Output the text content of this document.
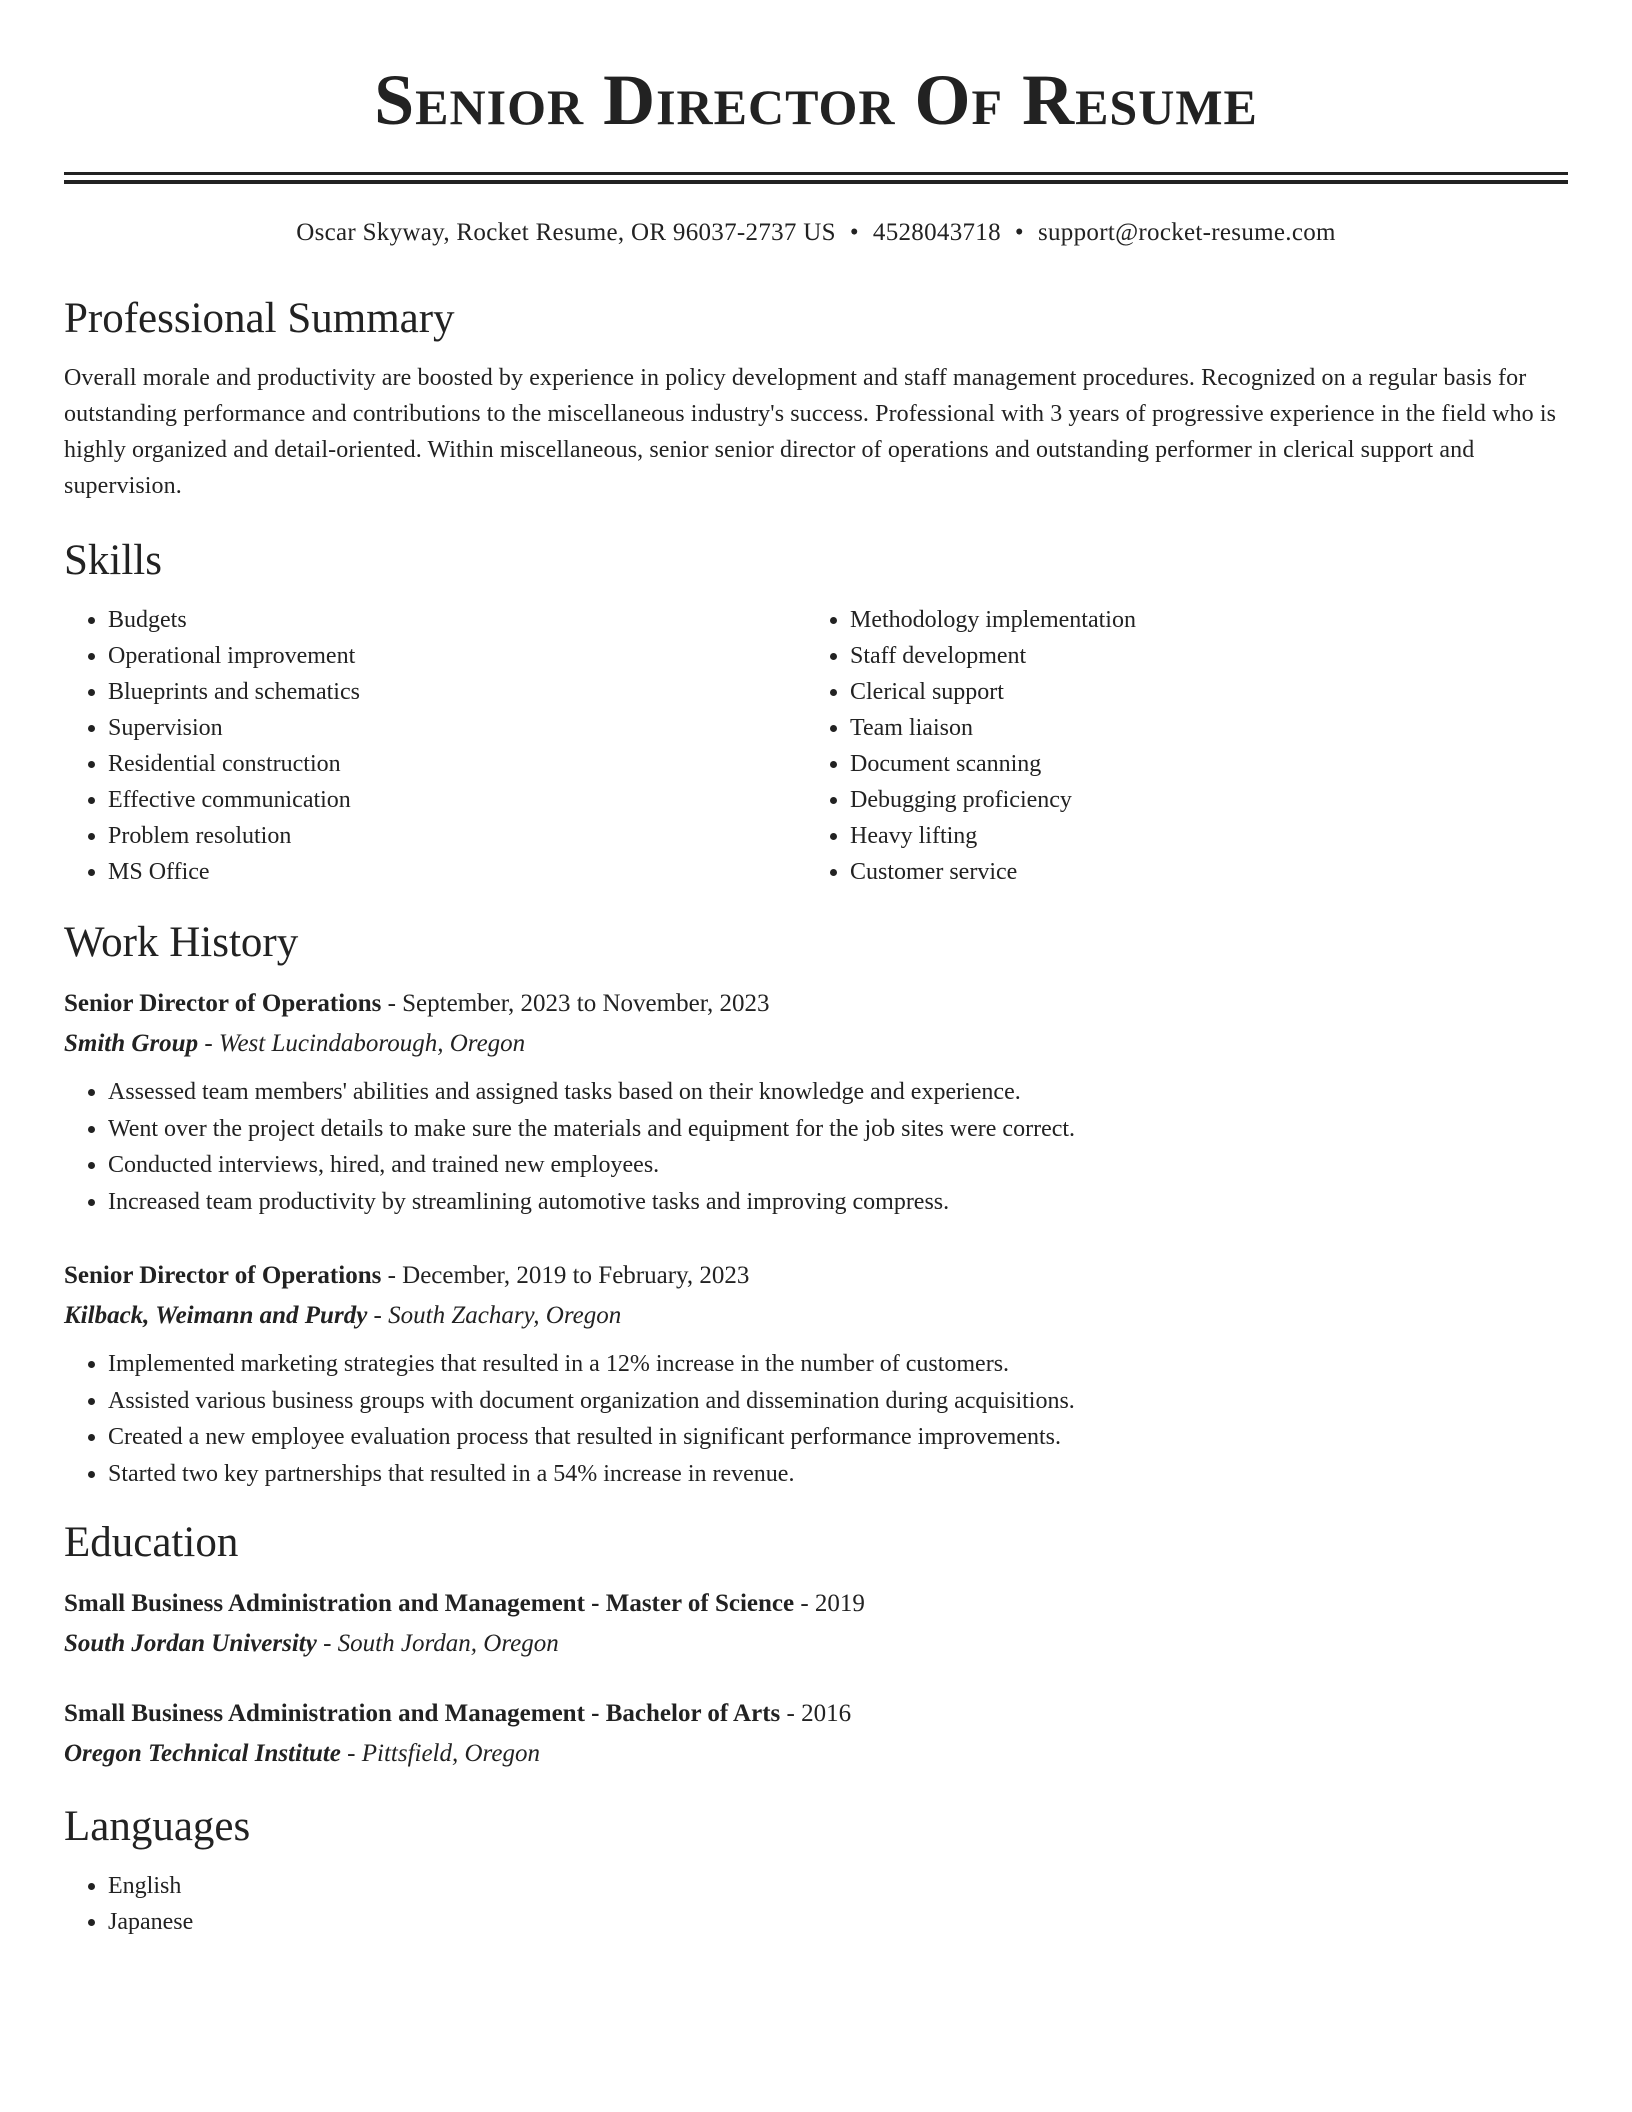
Senior Director Of Resume
Oscar Skyway, Rocket Resume, OR 96037-2737 US • 4528043718 • support@rocket-resume.com
Professional Summary
Overall morale and productivity are boosted by experience in policy development and staff management procedures. Recognized on a regular basis for outstanding performance and contributions to the miscellaneous industry's success. Professional with 3 years of progressive experience in the field who is highly organized and detail-oriented. Within miscellaneous, senior senior director of operations and outstanding performer in clerical support and supervision.
Skills
• Budgets
• Operational improvement
• Blueprints and schematics
• Supervision
• Residential construction
• Effective communication
• Problem resolution
• MS Office
• Methodology implementation
• Staff development
• Clerical support
• Team liaison
• Document scanning
• Debugging proficiency
• Heavy lifting
• Customer service
Work History
Senior Director of Operations - September, 2023 to November, 2023
Smith Group - West Lucindaborough, Oregon
• Assessed team members' abilities and assigned tasks based on their knowledge and experience.
• Went over the project details to make sure the materials and equipment for the job sites were correct.
• Conducted interviews, hired, and trained new employees.
• Increased team productivity by streamlining automotive tasks and improving compress.
Senior Director of Operations - December, 2019 to February, 2023
Kilback, Weimann and Purdy - South Zachary, Oregon
• Implemented marketing strategies that resulted in a 12% increase in the number of customers.
• Assisted various business groups with document organization and dissemination during acquisitions.
• Created a new employee evaluation process that resulted in significant performance improvements.
• Started two key partnerships that resulted in a 54% increase in revenue.
Education
Small Business Administration and Management - Master of Science - 2019
South Jordan University - South Jordan, Oregon
Small Business Administration and Management - Bachelor of Arts - 2016
Oregon Technical Institute - Pittsfield, Oregon
Languages
• English
• Japanese
